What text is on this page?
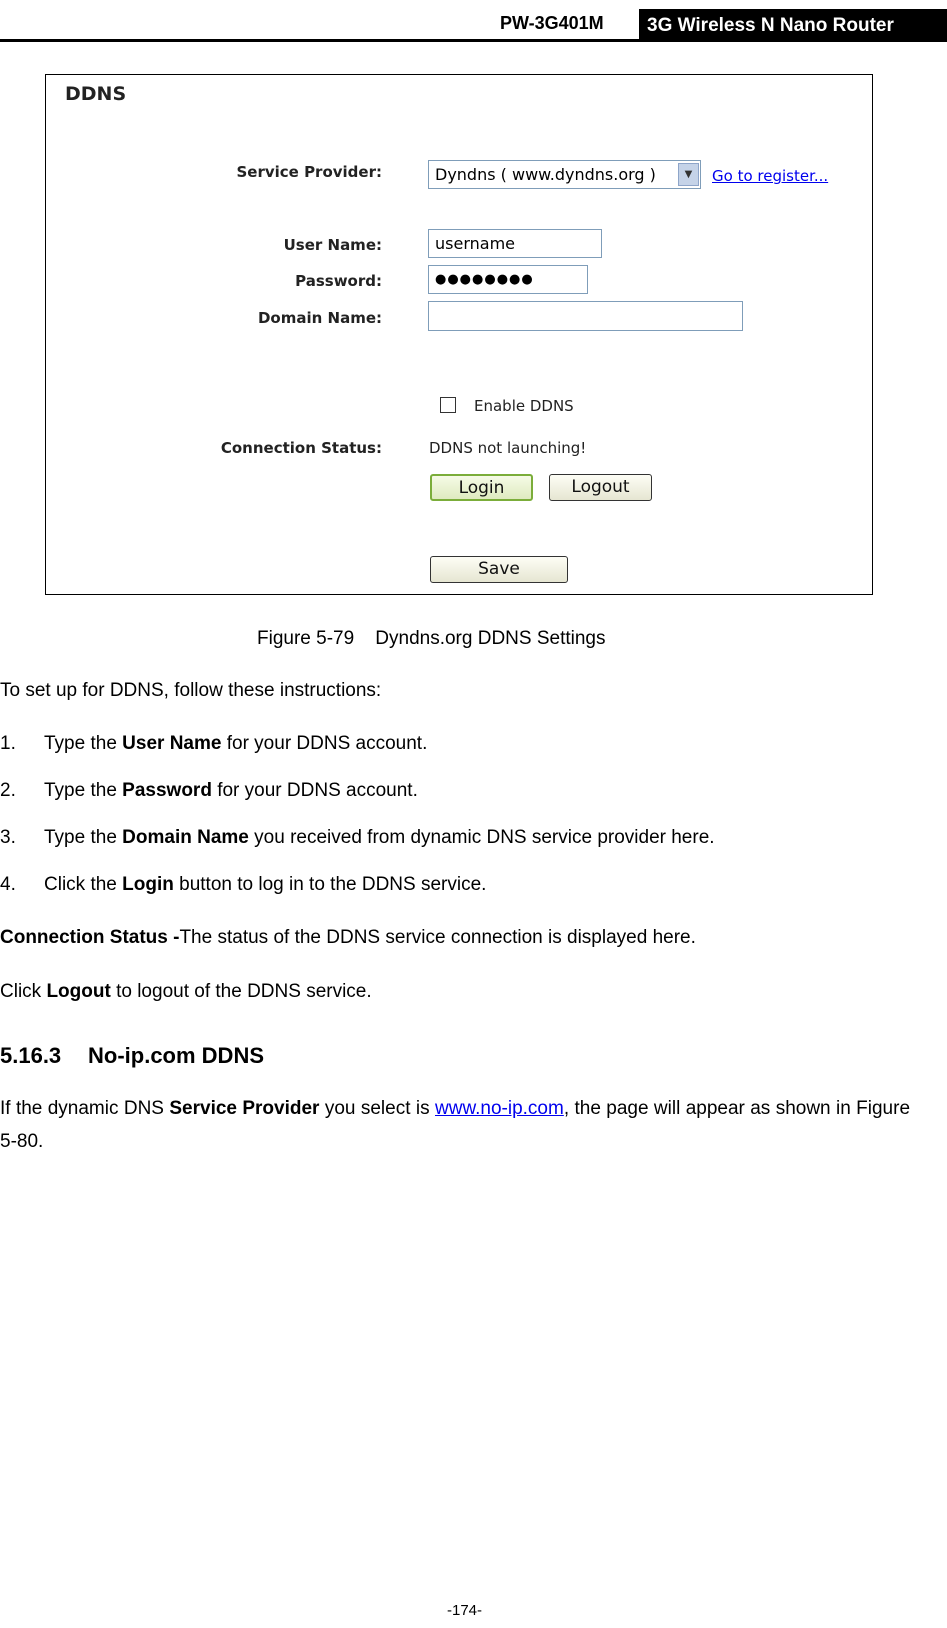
PW-3G401M	3G Wireless N Nano Router
DDNS
Service Provider:	Dyndns ( www.dyndns.org )	▼	Go to register...
User Name:	username
Password:	●●●●●●●●
Domain Name:
Enable DDNS
Connection Status:	DDNS not launching!
Login	Logout
Save
Figure 5-79    Dyndns.org DDNS Settings
To set up for DDNS, follow these instructions:
1. Type the User Name for your DDNS account.
2. Type the Password for your DDNS account.
3. Type the Domain Name you received from dynamic DNS service provider here.
4. Click the Login button to log in to the DDNS service.
Connection Status -The status of the DDNS service connection is displayed here.
Click Logout to logout of the DDNS service.
5.16.3 No-ip.com DDNS
If the dynamic DNS Service Provider you select is www.no-ip.com, the page will appear as shown in Figure 5-80.
-174-
